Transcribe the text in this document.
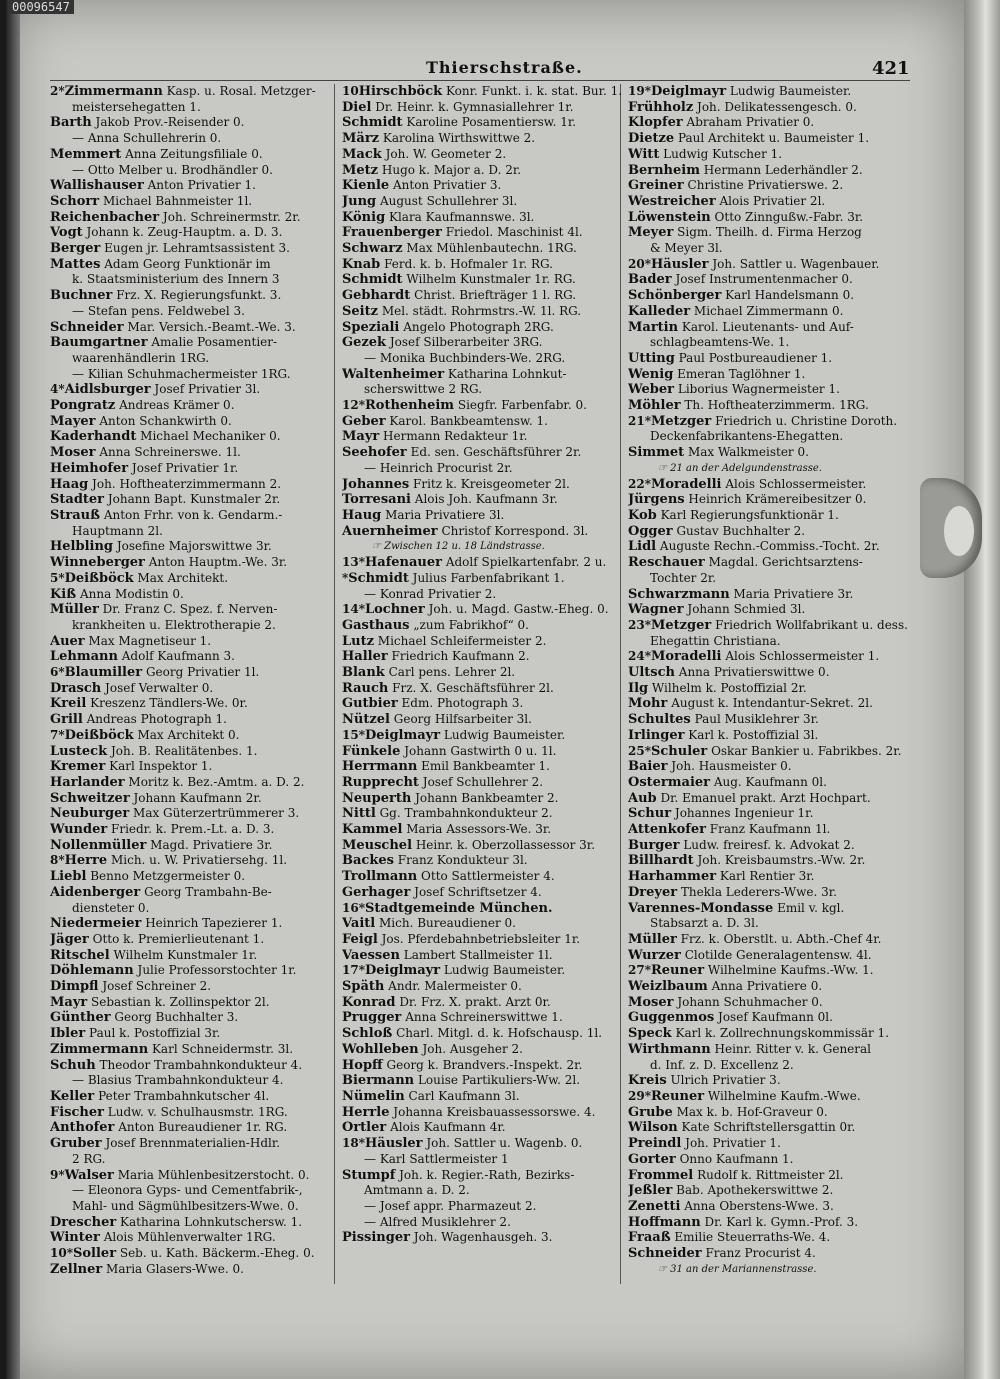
00096547
Thierschstraße.	421
2*Zimmermann Kasp. u. Rosal. Metzger-
meistersehegatten 1.
Barth Jakob Prov.-Reisender 0.
— Anna Schullehrerin 0.
Memmert Anna Zeitungsfiliale 0.
— Otto Melber u. Brodhändler 0.
Wallishauser Anton Privatier 1.
Schorr Michael Bahnmeister 1l.
Reichenbacher Joh. Schreinermstr. 2r.
Vogt Johann k. Zeug-Hauptm. a. D. 3.
Berger Eugen jr. Lehramtsassistent 3.
Mattes Adam Georg Funktionär im
k. Staatsministerium des Innern 3
Buchner Frz. X. Regierungsfunkt. 3.
— Stefan pens. Feldwebel 3.
Schneider Mar. Versich.-Beamt.-We. 3.
Baumgartner Amalie Posamentier-
waarenhändlerin 1RG.
— Kilian Schuhmachermeister 1RG.
4*Aidlsburger Josef Privatier 3l.
Pongratz Andreas Krämer 0.
Mayer Anton Schankwirth 0.
Kaderhandt Michael Mechaniker 0.
Moser Anna Schreinerswe. 1l.
Heimhofer Josef Privatier 1r.
Haag Joh. Hoftheaterzimmermann 2.
Stadter Johann Bapt. Kunstmaler 2r.
Strauß Anton Frhr. von k. Gendarm.-
Hauptmann 2l.
Helbling Josefine Majorswittwe 3r.
Winneberger Anton Hauptm.-We. 3r.
5*Deißböck Max Architekt.
Kiß Anna Modistin 0.
Müller Dr. Franz C. Spez. f. Nerven-
krankheiten u. Elektrotherapie 2.
Auer Max Magnetiseur 1.
Lehmann Adolf Kaufmann 3.
6*Blaumiller Georg Privatier 1l.
Drasch Josef Verwalter 0.
Kreil Kreszenz Tändlers-We. 0r.
Grill Andreas Photograph 1.
7*Deißböck Max Architekt 0.
Lusteck Joh. B. Realitätenbes. 1.
Kremer Karl Inspektor 1.
Harlander Moritz k. Bez.-Amtm. a. D. 2.
Schweitzer Johann Kaufmann 2r.
Neuburger Max Güterzertrümmerer 3.
Wunder Friedr. k. Prem.-Lt. a. D. 3.
Nollenmüller Magd. Privatiere 3r.
8*Herre Mich. u. W. Privatiersehg. 1l.
Liebl Benno Metzgermeister 0.
Aidenberger Georg Trambahn-Be-
diensteter 0.
Niedermeier Heinrich Tapezierer 1.
Jäger Otto k. Premierlieutenant 1.
Ritschel Wilhelm Kunstmaler 1r.
Döhlemann Julie Professorstochter 1r.
Dimpfl Josef Schreiner 2.
Mayr Sebastian k. Zollinspektor 2l.
Günther Georg Buchhalter 3.
Ibler Paul k. Postoffizial 3r.
Zimmermann Karl Schneidermstr. 3l.
Schuh Theodor Trambahnkondukteur 4.
— Blasius Trambahnkondukteur 4.
Keller Peter Trambahnkutscher 4l.
Fischer Ludw. v. Schulhausmstr. 1RG.
Anthofer Anton Bureaudiener 1r. RG.
Gruber Josef Brennmaterialien-Hdlr.
2 RG.
9*Walser Maria Mühlenbesitzerstocht. 0.
— Eleonora Gyps- und Cementfabrik-,
Mahl- und Sägmühlbesitzers-Wwe. 0.
Drescher Katharina Lohnkutschersw. 1.
Winter Alois Mühlenverwalter 1RG.
10*Soller Seb. u. Kath. Bäckerm.-Eheg. 0.
Zellner Maria Glasers-Wwe. 0.
10Hirschböck Konr. Funkt. i. k. stat. Bur. 1.
Diel Dr. Heinr. k. Gymnasiallehrer 1r.
Schmidt Karoline Posamentiersw. 1r.
März Karolina Wirthswittwe 2.
Mack Joh. W. Geometer 2.
Metz Hugo k. Major a. D. 2r.
Kienle Anton Privatier 3.
Jung August Schullehrer 3l.
König Klara Kaufmannswe. 3l.
Frauenberger Friedol. Maschinist 4l.
Schwarz Max Mühlenbautechn. 1RG.
Knab Ferd. k. b. Hofmaler 1r. RG.
Schmidt Wilhelm Kunstmaler 1r. RG.
Gebhardt Christ. Briefträger 1 l. RG.
Seitz Mel. städt. Rohrmstrs.-W. 1l. RG.
Speziali Angelo Photograph 2RG.
Gezek Josef Silberarbeiter 3RG.
— Monika Buchbinders-We. 2RG.
Waltenheimer Katharina Lohnkut-
scherswittwe 2 RG.
12*Rothenheim Siegfr. Farbenfabr. 0.
Geber Karol. Bankbeamtensw. 1.
Mayr Hermann Redakteur 1r.
Seehofer Ed. sen. Geschäftsführer 2r.
— Heinrich Procurist 2r.
Johannes Fritz k. Kreisgeometer 2l.
Torresani Alois Joh. Kaufmann 3r.
Haug Maria Privatiere 3l.
Auernheimer Christof Korrespond. 3l.
☞ Zwischen 12 u. 18 Ländstrasse.
13*Hafenauer Adolf Spielkartenfabr. 2 u.
*Schmidt Julius Farbenfabrikant 1.
— Konrad Privatier 2.
14*Lochner Joh. u. Magd. Gastw.-Eheg. 0.
Gasthaus „zum Fabrikhof“ 0.
Lutz Michael Schleifermeister 2.
Haller Friedrich Kaufmann 2.
Blank Carl pens. Lehrer 2l.
Rauch Frz. X. Geschäftsführer 2l.
Gutbier Edm. Photograph 3.
Nützel Georg Hilfsarbeiter 3l.
15*Deiglmayr Ludwig Baumeister.
Fünkele Johann Gastwirth 0 u. 1l.
Herrmann Emil Bankbeamter 1.
Rupprecht Josef Schullehrer 2.
Neuperth Johann Bankbeamter 2.
Nittl Gg. Trambahnkondukteur 2.
Kammel Maria Assessors-We. 3r.
Meuschel Heinr. k. Oberzollassessor 3r.
Backes Franz Kondukteur 3l.
Trollmann Otto Sattlermeister 4.
Gerhager Josef Schriftsetzer 4.
16*Stadtgemeinde München.
Vaitl Mich. Bureaudiener 0.
Feigl Jos. Pferdebahnbetriebsleiter 1r.
Vaessen Lambert Stallmeister 1l.
17*Deiglmayr Ludwig Baumeister.
Späth Andr. Malermeister 0.
Konrad Dr. Frz. X. prakt. Arzt 0r.
Prugger Anna Schreinerswittwe 1.
Schloß Charl. Mitgl. d. k. Hofschausp. 1l.
Wohlleben Joh. Ausgeher 2.
Hopff Georg k. Brandvers.-Inspekt. 2r.
Biermann Louise Partikuliers-Ww. 2l.
Nümelin Carl Kaufmann 3l.
Herrle Johanna Kreisbauassessorswe. 4.
Ortler Alois Kaufmann 4r.
18*Häusler Joh. Sattler u. Wagenb. 0.
— Karl Sattlermeister 1
Stumpf Joh. k. Regier.-Rath, Bezirks-
Amtmann a. D. 2.
— Josef appr. Pharmazeut 2.
— Alfred Musiklehrer 2.
Pissinger Joh. Wagenhausgeh. 3.
19*Deiglmayr Ludwig Baumeister.
Frühholz Joh. Delikatessengesch. 0.
Klopfer Abraham Privatier 0.
Dietze Paul Architekt u. Baumeister 1.
Witt Ludwig Kutscher 1.
Bernheim Hermann Lederhändler 2.
Greiner Christine Privatierswe. 2.
Westreicher Alois Privatier 2l.
Löwenstein Otto Zinngußw.-Fabr. 3r.
Meyer Sigm. Theilh. d. Firma Herzog
& Meyer 3l.
20*Häusler Joh. Sattler u. Wagenbauer.
Bader Josef Instrumentenmacher 0.
Schönberger Karl Handelsmann 0.
Kalleder Michael Zimmermann 0.
Martin Karol. Lieutenants- und Auf-
schlagbeamtens-We. 1.
Utting Paul Postbureaudiener 1.
Wenig Emeran Taglöhner 1.
Weber Liborius Wagnermeister 1.
Möhler Th. Hoftheaterzimmerm. 1RG.
21*Metzger Friedrich u. Christine Doroth.
Deckenfabrikantens-Ehegatten.
Simmet Max Walkmeister 0.
☞ 21 an der Adelgundenstrasse.
22*Moradelli Alois Schlossermeister.
Jürgens Heinrich Krämereibesitzer 0.
Kob Karl Regierungsfunktionär 1.
Ogger Gustav Buchhalter 2.
Lidl Auguste Rechn.-Commiss.-Tocht. 2r.
Reschauer Magdal. Gerichtsarztens-
Tochter 2r.
Schwarzmann Maria Privatiere 3r.
Wagner Johann Schmied 3l.
23*Metzger Friedrich Wollfabrikant u. dess.
Ehegattin Christiana.
24*Moradelli Alois Schlossermeister 1.
Ultsch Anna Privatierswittwe 0.
Ilg Wilhelm k. Postoffizial 2r.
Mohr August k. Intendantur-Sekret. 2l.
Schultes Paul Musiklehrer 3r.
Irlinger Karl k. Postoffizial 3l.
25*Schuler Oskar Bankier u. Fabrikbes. 2r.
Baier Joh. Hausmeister 0.
Ostermaier Aug. Kaufmann 0l.
Aub Dr. Emanuel prakt. Arzt Hochpart.
Schur Johannes Ingenieur 1r.
Attenkofer Franz Kaufmann 1l.
Burger Ludw. freiresf. k. Advokat 2.
Billhardt Joh. Kreisbaumstrs.-Ww. 2r.
Harhammer Karl Rentier 3r.
Dreyer Thekla Lederers-Wwe. 3r.
Varennes-Mondasse Emil v. kgl.
Stabsarzt a. D. 3l.
Müller Frz. k. Oberstlt. u. Abth.-Chef 4r.
Wurzer Clotilde Generalagentensw. 4l.
27*Reuner Wilhelmine Kaufms.-Ww. 1.
Weizlbaum Anna Privatiere 0.
Moser Johann Schuhmacher 0.
Guggenmos Josef Kaufmann 0l.
Speck Karl k. Zollrechnungskommissär 1.
Wirthmann Heinr. Ritter v. k. General
d. Inf. z. D. Excellenz 2.
Kreis Ulrich Privatier 3.
29*Reuner Wilhelmine Kaufm.-Wwe.
Grube Max k. b. Hof-Graveur 0.
Wilson Kate Schriftstellersgattin 0r.
Preindl Joh. Privatier 1.
Gorter Onno Kaufmann 1.
Frommel Rudolf k. Rittmeister 2l.
Jeßler Bab. Apothekerswittwe 2.
Zenetti Anna Oberstens-Wwe. 3.
Hoffmann Dr. Karl k. Gymn.-Prof. 3.
Fraaß Emilie Steuerraths-We. 4.
Schneider Franz Procurist 4.
☞ 31 an der Mariannenstrasse.
